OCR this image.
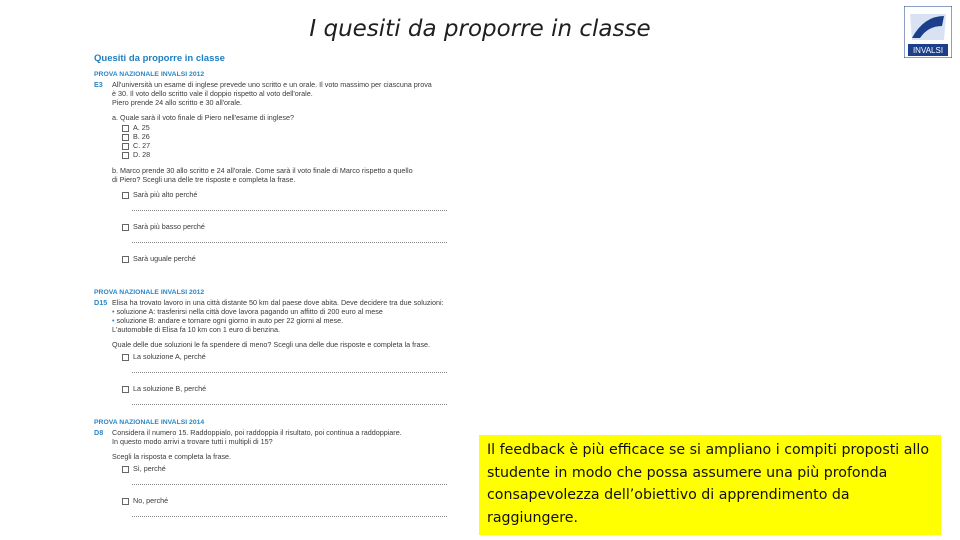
I quesiti da proporre in classe
INVALSI
Quesiti da proporre in classe
PROVA NAZIONALE INVALSI 2012
E3 All'università un esame di inglese prevede uno scritto e un orale. Il voto massimo per ciascuna prova
è 30. Il voto dello scritto vale il doppio rispetto al voto dell'orale.
Piero prende 24 allo scritto e 30 all'orale.
a. Quale sarà il voto finale di Piero nell'esame di inglese?
A. 25
B. 26
C. 27
D. 28
b. Marco prende 30 allo scritto e 24 all'orale. Come sarà il voto finale di Marco rispetto a quello
di Piero? Scegli una delle tre risposte e completa la frase.
Sarà più alto perché
Sarà più basso perché
Sarà uguale perché
PROVA NAZIONALE INVALSI 2012
D15 Elisa ha trovato lavoro in una città distante 50 km dal paese dove abita. Deve decidere tra due soluzioni:
• soluzione A: trasferirsi nella città dove lavora pagando un affitto di 200 euro al mese
• soluzione B: andare e tornare ogni giorno in auto per 22 giorni al mese.
L'automobile di Elisa fa 10 km con 1 euro di benzina.
Quale delle due soluzioni le fa spendere di meno? Scegli una delle due risposte e completa la frase.
La soluzione A, perché
La soluzione B, perché
PROVA NAZIONALE INVALSI 2014
D8 Considera il numero 15. Raddoppialo, poi raddoppia il risultato, poi continua a raddoppiare.
In questo modo arrivi a trovare tutti i multipli di 15?
Scegli la risposta e completa la frase.
Sì, perché
No, perché
Il feedback è più efficace se si ampliano i compiti proposti allo studente in modo che possa assumere una più profonda consapevolezza dell’obiettivo di apprendimento da raggiungere.
